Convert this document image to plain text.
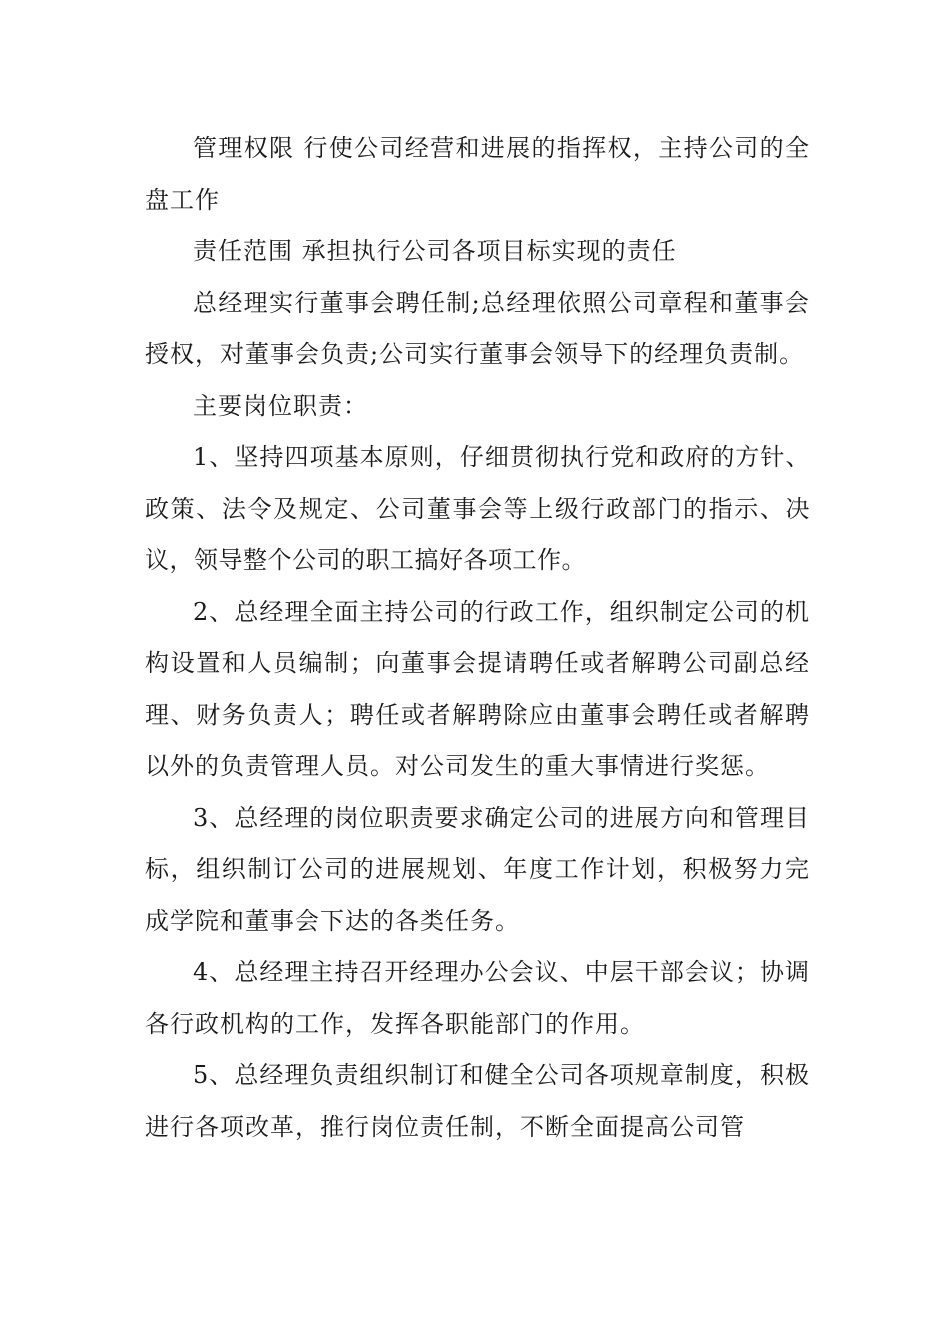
管理权限 行使公司经营和进展的指挥权，主持公司的全盘工作

责任范围 承担执行公司各项目标实现的责任

总经理实行董事会聘任制;总经理依照公司章程和董事会授权，对董事会负责;公司实行董事会领导下的经理负责制。

主要岗位职责：

1、坚持四项基本原则，仔细贯彻执行党和政府的方针、政策、法令及规定、公司董事会等上级行政部门的指示、决议，领导整个公司的职工搞好各项工作。

2、总经理全面主持公司的行政工作，组织制定公司的机构设置和人员编制；向董事会提请聘任或者解聘公司副总经理、财务负责人；聘任或者解聘除应由董事会聘任或者解聘以外的负责管理人员。对公司发生的重大事情进行奖惩。

3、总经理的岗位职责要求确定公司的进展方向和管理目标，组织制订公司的进展规划、年度工作计划，积极努力完成学院和董事会下达的各类任务。

4、总经理主持召开经理办公会议、中层干部会议；协调各行政机构的工作，发挥各职能部门的作用。

5、总经理负责组织制订和健全公司各项规章制度，积极进行各项改革，推行岗位责任制，不断全面提高公司管
